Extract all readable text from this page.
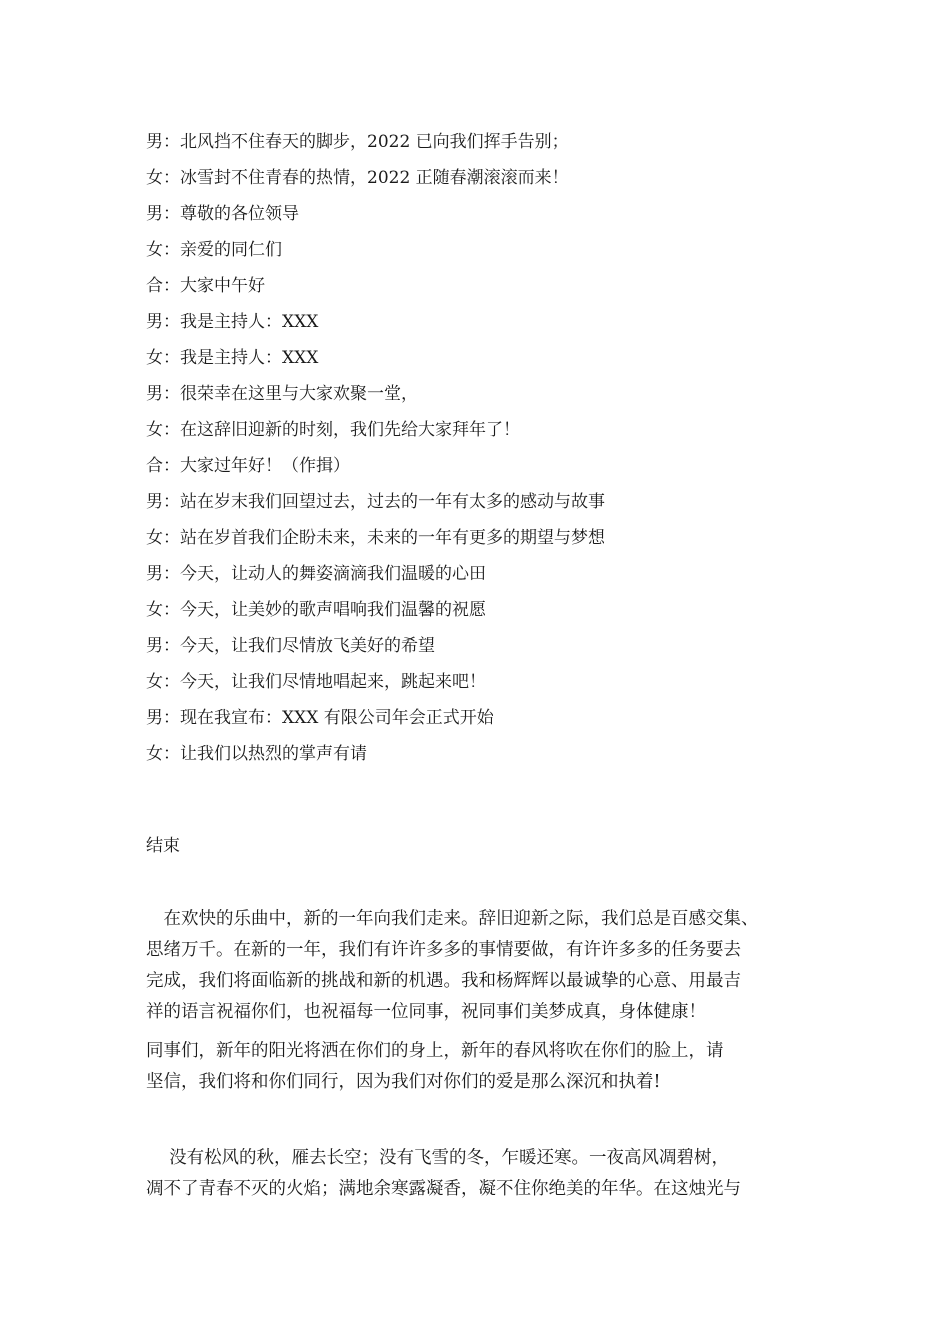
男：北风挡不住春天的脚步，2022 已向我们挥手告别；
女：冰雪封不住青春的热情，2022 正随春潮滚滚而来！
男：尊敬的各位领导
女：亲爱的同仁们
合：大家中午好
男：我是主持人：XXX
女：我是主持人：XXX
男：很荣幸在这里与大家欢聚一堂，
女：在这辞旧迎新的时刻，我们先给大家拜年了！
合：大家过年好！（作揖）
男：站在岁末我们回望过去，过去的一年有太多的感动与故事
女：站在岁首我们企盼未来，未来的一年有更多的期望与梦想
男：今天，让动人的舞姿滴滴我们温暖的心田
女：今天，让美妙的歌声唱响我们温馨的祝愿
男：今天，让我们尽情放飞美好的希望
女：今天，让我们尽情地唱起来，跳起来吧！
男：现在我宣布：XXX 有限公司年会正式开始
女：让我们以热烈的掌声有请
结束
　在欢快的乐曲中，新的一年向我们走来。辞旧迎新之际，我们总是百感交集、
思绪万千。在新的一年，我们有许许多多的事情要做，有许许多多的任务要去
完成，我们将面临新的挑战和新的机遇。我和杨辉辉以最诚挚的心意、用最吉
祥的语言祝福你们，也祝福每一位同事，祝同事们美梦成真，身体健康！
同事们，新年的阳光将洒在你们的身上，新年的春风将吹在你们的脸上，请
坚信，我们将和你们同行，因为我们对你们的爱是那么深沉和执着!
　 没有松风的秋，雁去长空；没有飞雪的冬，乍暖还寒。一夜高风凋碧树，
凋不了青春不灭的火焰；满地余寒露凝香，凝不住你绝美的年华。在这烛光与
